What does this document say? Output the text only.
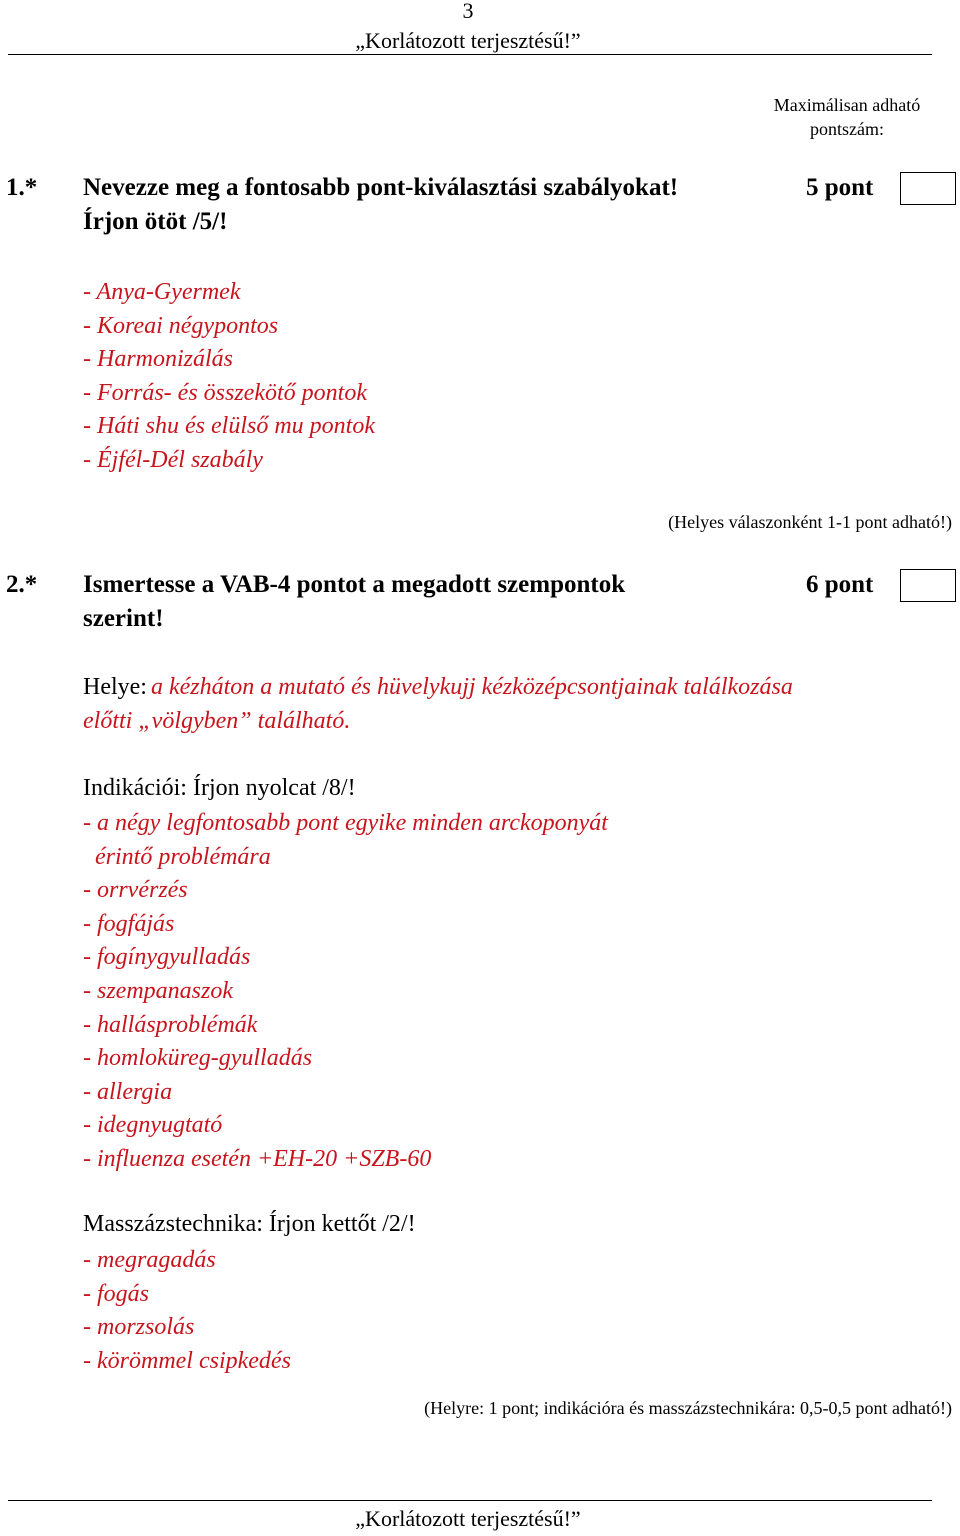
3
„Korlátozott terjesztésű!”
Maximálisan adható pontszám:
1.* Nevezze meg a fontosabb pont-kiválasztási szabályokat!
Írjon ötöt /5/!
5 pont
- Anya-Gyermek
- Koreai négypontos
- Harmonizálás
- Forrás- és összekötő pontok
- Háti shu és elülső mu pontok
- Éjfél-Dél szabály
(Helyes válaszonként 1-1 pont adható!)
2.* Ismertesse a VAB-4 pontot a megadott szempontok
szerint!
6 pont
Helye: a kézháton a mutató és hüvelykujj kézközépcsontjainak találkozása
előtti „völgyben” található.
Indikációi: Írjon nyolcat /8/!
- a négy legfontosabb pont egyike minden arckoponyát
érintő problémára
- orrvérzés
- fogfájás
- fogínygyulladás
- szempanaszok
- hallásproblémák
- homloküreg-gyulladás
- allergia
- idegnyugtató
- influenza esetén +EH-20 +SZB-60
Masszázstechnika: Írjon kettőt /2/!
- megragadás
- fogás
- morzsolás
- körömmel csipkedés
(Helyre: 1 pont; indikációra és masszázstechnikára: 0,5-0,5 pont adható!)
„Korlátozott terjesztésű!”
